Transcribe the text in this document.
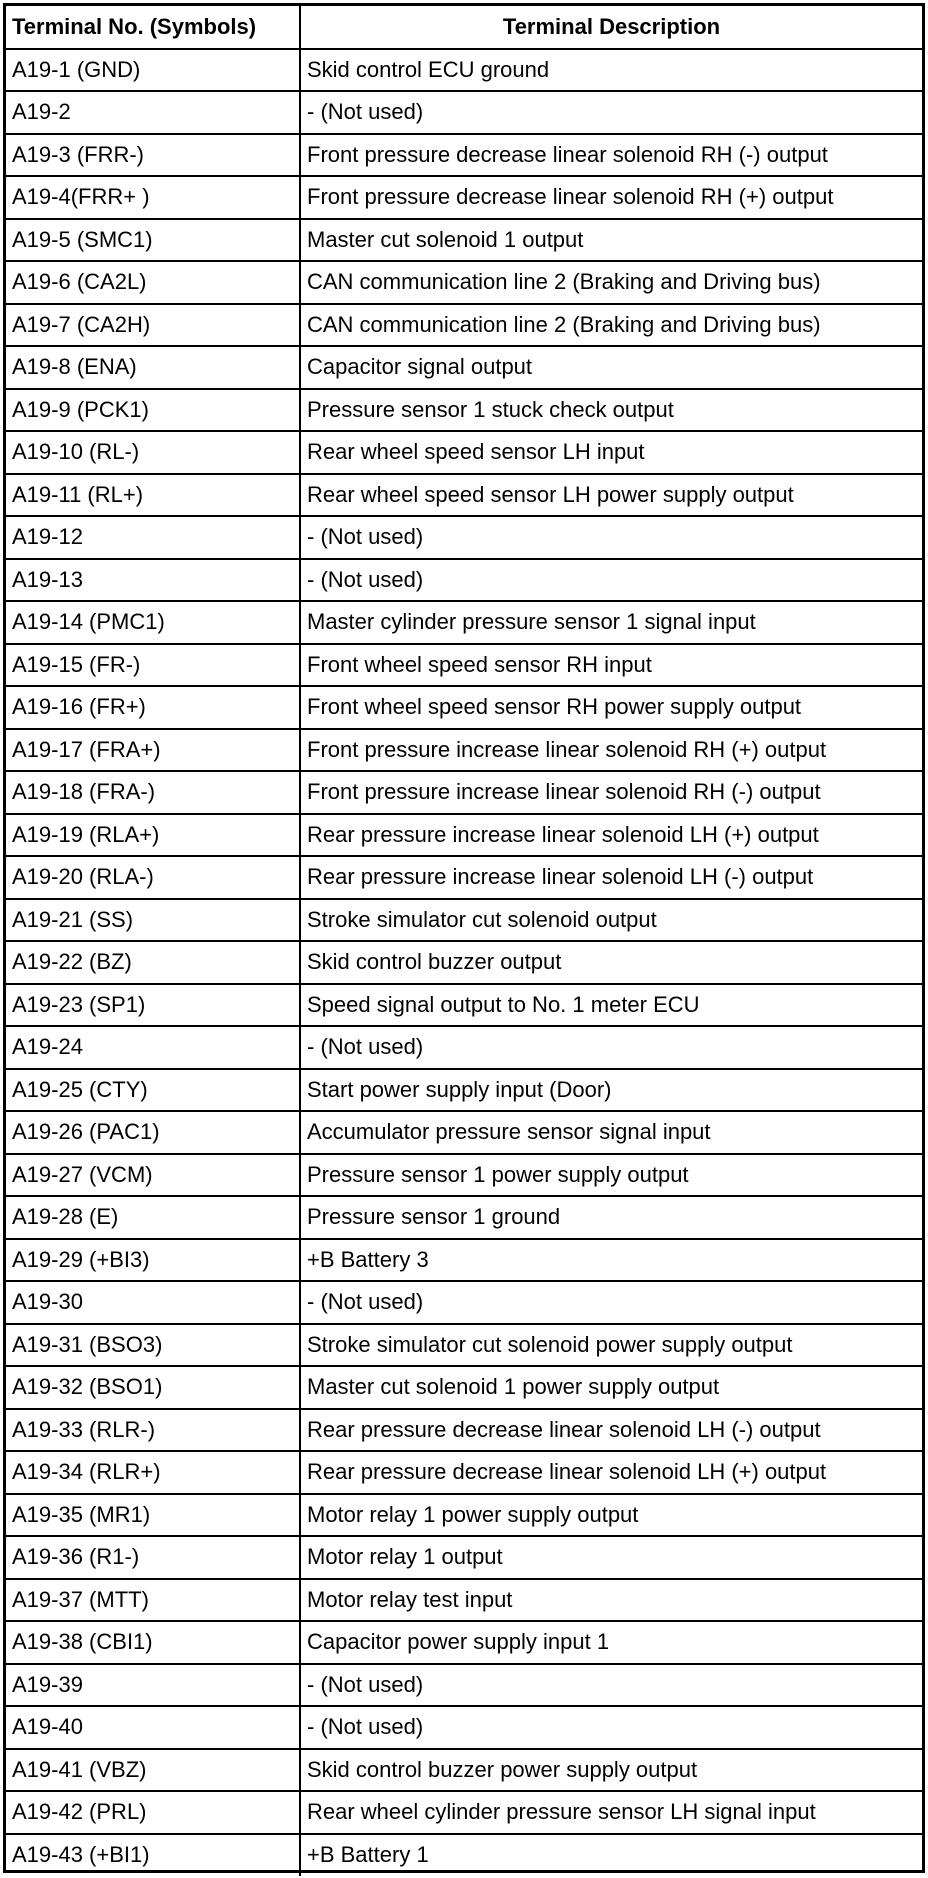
Terminal No. (Symbols)	Terminal Description
A19-1 (GND)	Skid control ECU ground
A19-2	- (Not used)
A19-3 (FRR-)	Front pressure decrease linear solenoid RH (-) output
A19-4(FRR+ )	Front pressure decrease linear solenoid RH (+) output
A19-5 (SMC1)	Master cut solenoid 1 output
A19-6 (CA2L)	CAN communication line 2 (Braking and Driving bus)
A19-7 (CA2H)	CAN communication line 2 (Braking and Driving bus)
A19-8 (ENA)	Capacitor signal output
A19-9 (PCK1)	Pressure sensor 1 stuck check output
A19-10 (RL-)	Rear wheel speed sensor LH input
A19-11 (RL+)	Rear wheel speed sensor LH power supply output
A19-12	- (Not used)
A19-13	- (Not used)
A19-14 (PMC1)	Master cylinder pressure sensor 1 signal input
A19-15 (FR-)	Front wheel speed sensor RH input
A19-16 (FR+)	Front wheel speed sensor RH power supply output
A19-17 (FRA+)	Front pressure increase linear solenoid RH (+) output
A19-18 (FRA-)	Front pressure increase linear solenoid RH (-) output
A19-19 (RLA+)	Rear pressure increase linear solenoid LH (+) output
A19-20 (RLA-)	Rear pressure increase linear solenoid LH (-) output
A19-21 (SS)	Stroke simulator cut solenoid output
A19-22 (BZ)	Skid control buzzer output
A19-23 (SP1)	Speed signal output to No. 1 meter ECU
A19-24	- (Not used)
A19-25 (CTY)	Start power supply input (Door)
A19-26 (PAC1)	Accumulator pressure sensor signal input
A19-27 (VCM)	Pressure sensor 1 power supply output
A19-28 (E)	Pressure sensor 1 ground
A19-29 (+BI3)	+B Battery 3
A19-30	- (Not used)
A19-31 (BSO3)	Stroke simulator cut solenoid power supply output
A19-32 (BSO1)	Master cut solenoid 1 power supply output
A19-33 (RLR-)	Rear pressure decrease linear solenoid LH (-) output
A19-34 (RLR+)	Rear pressure decrease linear solenoid LH (+) output
A19-35 (MR1)	Motor relay 1 power supply output
A19-36 (R1-)	Motor relay 1 output
A19-37 (MTT)	Motor relay test input
A19-38 (CBI1)	Capacitor power supply input 1
A19-39	- (Not used)
A19-40	- (Not used)
A19-41 (VBZ)	Skid control buzzer power supply output
A19-42 (PRL)	Rear wheel cylinder pressure sensor LH signal input
A19-43 (+BI1)	+B Battery 1
